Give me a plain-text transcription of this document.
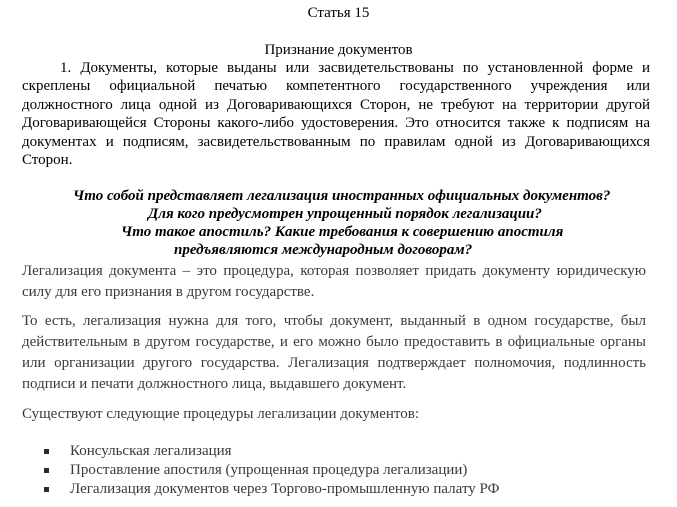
Статья 15
Признание документов

1. Документы, которые выданы или засвидетельствованы по установленной форме и скреплены официальной печатью компетентного государственного учреждения или должностного лица одной из Договаривающихся Сторон, не требуют на территории другой Договаривающейся Стороны какого-либо удостоверения. Это относится также к подписям на документах и подписям, засвидетельствованным по правилам одной из Договаривающихся Сторон.

Что собой представляет легализация иностранных официальных документов?
Для кого предусмотрен упрощенный порядок легализации?
Что такое апостиль? Какие требования к совершению апостиля
предъявляются международным договорам?

Легализация документа – это процедура, которая позволяет придать документу юридическую силу для его признания в другом государстве.

То есть, легализация нужна для того, чтобы документ, выданный в одном государстве, был действительным в другом государстве, и его можно было предоставить в официальные органы или организации другого государства. Легализация подтверждает полномочия, подлинность подписи и печати должностного лица, выдавшего документ.

Существуют следующие процедуры легализации документов:

Консульская легализация
Проставление апостиля (упрощенная процедура легализации)
Легализация документов через Торгово-промышленную палату РФ
